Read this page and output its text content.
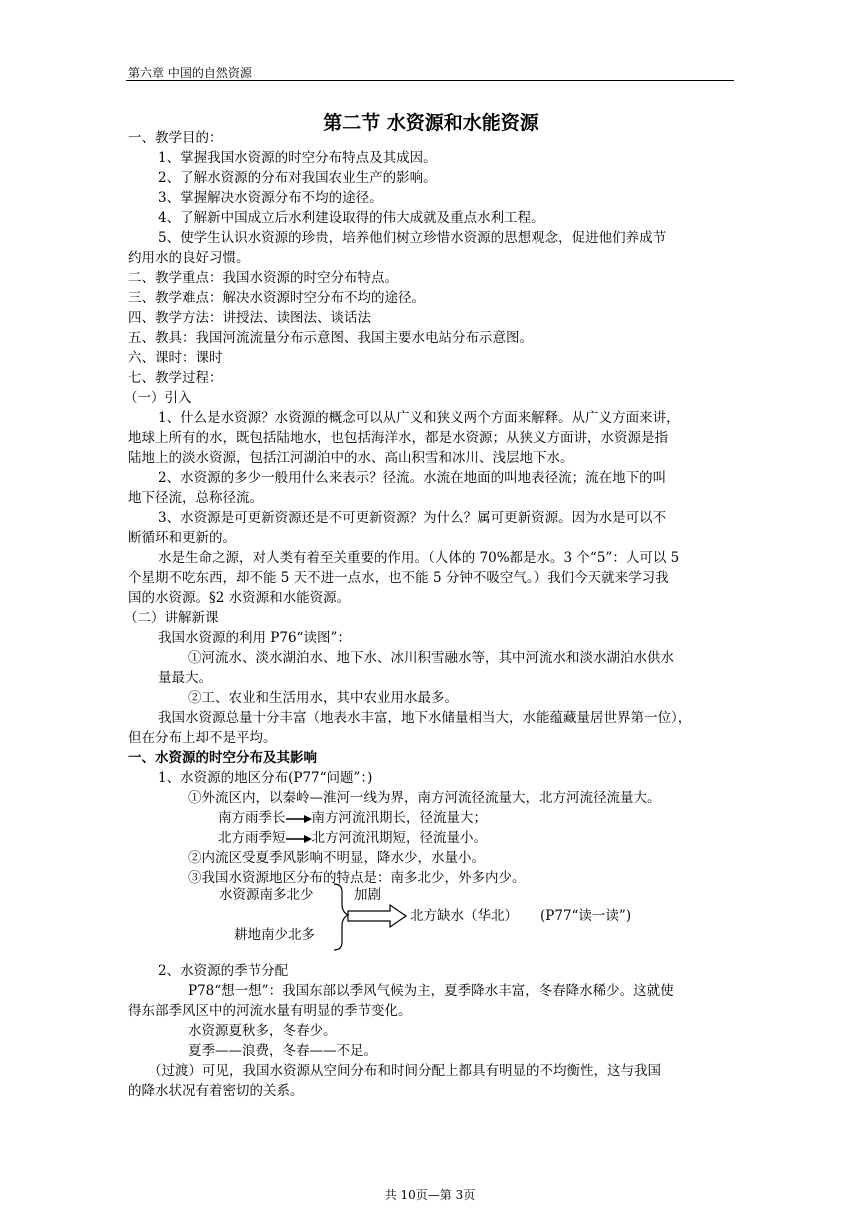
第六章 中国的自然资源
第二节 水资源和水能资源
一、教学目的：
1、掌握我国水资源的时空分布特点及其成因。
2、了解水资源的分布对我国农业生产的影响。
3、掌握解决水资源分布不均的途径。
4、了解新中国成立后水利建设取得的伟大成就及重点水利工程。
5、使学生认识水资源的珍贵，培养他们树立珍惜水资源的思想观念，促进他们养成节
约用水的良好习惯。
二、教学重点：我国水资源的时空分布特点。
三、教学难点：解决水资源时空分布不均的途径。
四、教学方法：讲授法、读图法、谈话法
五、教具：我国河流流量分布示意图、我国主要水电站分布示意图。
六、课时：课时
七、教学过程：
（一）引入
1、什么是水资源？水资源的概念可以从广义和狭义两个方面来解释。从广义方面来讲，
地球上所有的水，既包括陆地水，也包括海洋水，都是水资源；从狭义方面讲，水资源是指
陆地上的淡水资源，包括江河湖泊中的水、高山积雪和冰川、浅层地下水。
2、水资源的多少一般用什么来表示？径流。水流在地面的叫地表径流；流在地下的叫
地下径流，总称径流。
3、水资源是可更新资源还是不可更新资源？为什么？属可更新资源。因为水是可以不
断循环和更新的。
水是生命之源，对人类有着至关重要的作用。（人体的 70%都是水。3 个“5”：人可以 5
个星期不吃东西，却不能 5 天不进一点水，也不能 5 分钟不吸空气。）我们今天就来学习我
国的水资源。§2 水资源和水能资源。
（二）讲解新课
我国水资源的利用 P76“读图”：
①河流水、淡水湖泊水、地下水、冰川积雪融水等，其中河流水和淡水湖泊水供水
量最大。
②工、农业和生活用水，其中农业用水最多。
我国水资源总量十分丰富（地表水丰富，地下水储量相当大，水能蕴藏量居世界第一位），
但在分布上却不是平均。
一、水资源的时空分布及其影响
1、水资源的地区分布(P77“问题”：)
①外流区内，以秦岭—淮河一线为界，南方河流径流量大，北方河流径流量大。
②内流区受夏季风影响不明显，降水少，水量小。
③我国水资源地区分布的特点是：南多北少，外多内少。
2、水资源的季节分配
P78“想一想”：我国东部以季风气候为主，夏季降水丰富，冬春降水稀少。这就使
得东部季风区中的河流水量有明显的季节变化。
水资源夏秋多，冬春少。
夏季——浪费，冬春——不足。
（过渡）可见，我国水资源从空间分布和时间分配上都具有明显的不均衡性，这与我国
的降水状况有着密切的关系。
南方雨季长 南方河流汛期长，径流量大；
北方雨季短 北方河流汛期短，径流量小。
水资源南多北少
耕地南少北多
加剧
北方缺水（华北）	(P77“读一读”)
共 10页—第 3页
